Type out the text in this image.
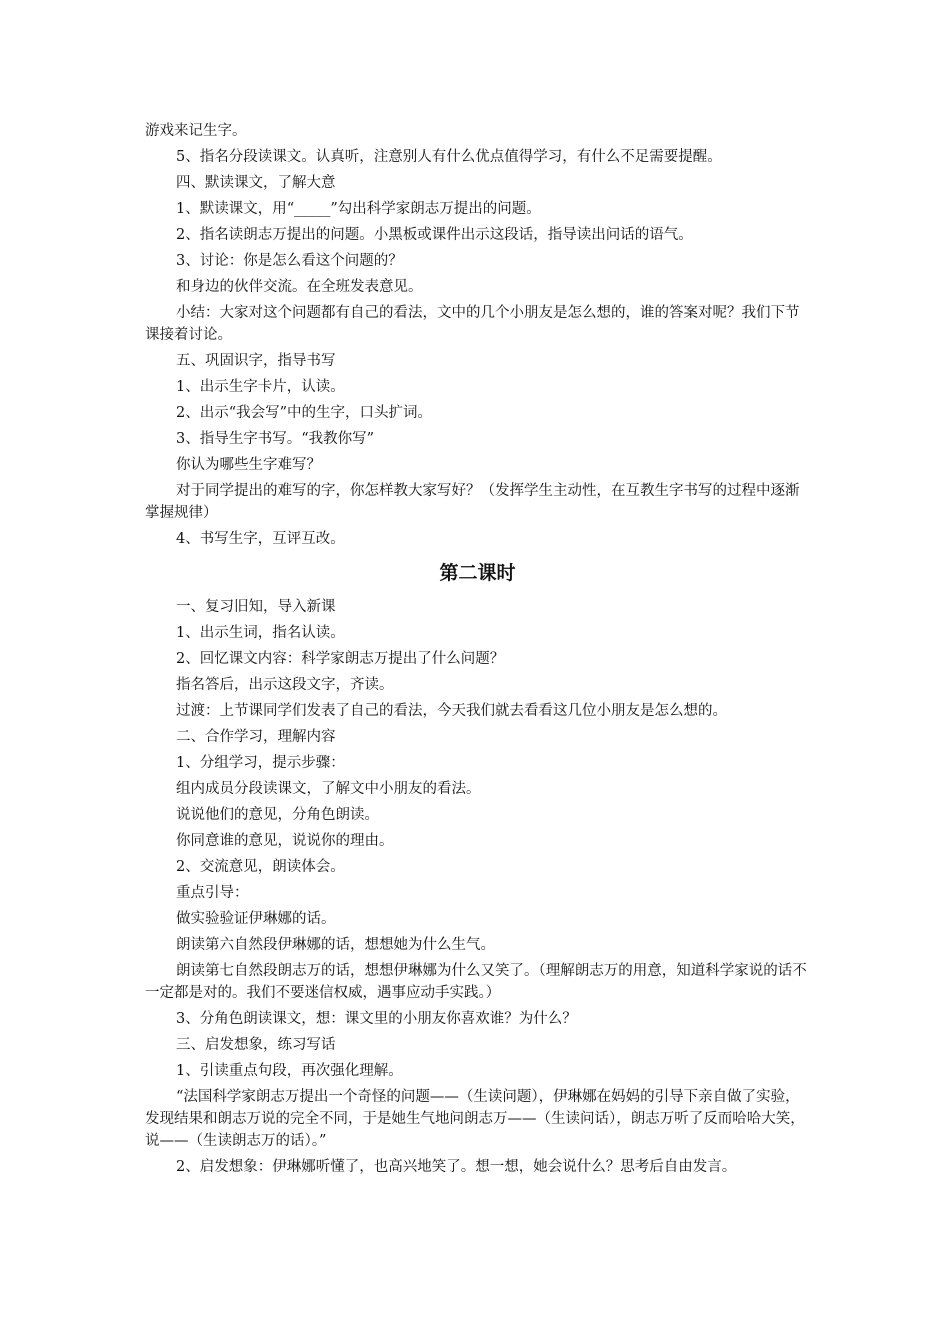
游戏来记生字。

5、指名分段读课文。认真听，注意别人有什么优点值得学习，有什么不足需要提醒。

四、默读课文，了解大意

1、默读课文，用“_____”勾出科学家朗志万提出的问题。

2、指名读朗志万提出的问题。小黑板或课件出示这段话，指导读出问话的语气。

3、讨论：你是怎么看这个问题的？

和身边的伙伴交流。在全班发表意见。

小结：大家对这个问题都有自己的看法，文中的几个小朋友是怎么想的，谁的答案对呢？我们下节课接着讨论。

五、巩固识字，指导书写

1、出示生字卡片，认读。

2、出示“我会写”中的生字，口头扩词。

3、指导生字书写。“我教你写”

你认为哪些生字难写？

对于同学提出的难写的字，你怎样教大家写好？（发挥学生主动性，在互教生字书写的过程中逐渐掌握规律）

4、书写生字，互评互改。

第二课时

一、复习旧知，导入新课

1、出示生词，指名认读。

2、回忆课文内容：科学家朗志万提出了什么问题？

指名答后，出示这段文字，齐读。

过渡：上节课同学们发表了自己的看法，今天我们就去看看这几位小朋友是怎么想的。

二、合作学习，理解内容

1、分组学习，提示步骤：

组内成员分段读课文，了解文中小朋友的看法。

说说他们的意见，分角色朗读。

你同意谁的意见，说说你的理由。

2、交流意见，朗读体会。

重点引导：

做实验验证伊琳娜的话。

朗读第六自然段伊琳娜的话，想想她为什么生气。

朗读第七自然段朗志万的话，想想伊琳娜为什么又笑了。（理解朗志万的用意，知道科学家说的话不一定都是对的。我们不要迷信权威，遇事应动手实践。）

3、分角色朗读课文，想：课文里的小朋友你喜欢谁？为什么？

三、启发想象，练习写话

1、引读重点句段，再次强化理解。

“法国科学家朗志万提出一个奇怪的问题——（生读问题），伊琳娜在妈妈的引导下亲自做了实验，发现结果和朗志万说的完全不同，于是她生气地问朗志万——（生读问话），朗志万听了反而哈哈大笑，说——（生读朗志万的话）。”

2、启发想象：伊琳娜听懂了，也高兴地笑了。想一想，她会说什么？思考后自由发言。
